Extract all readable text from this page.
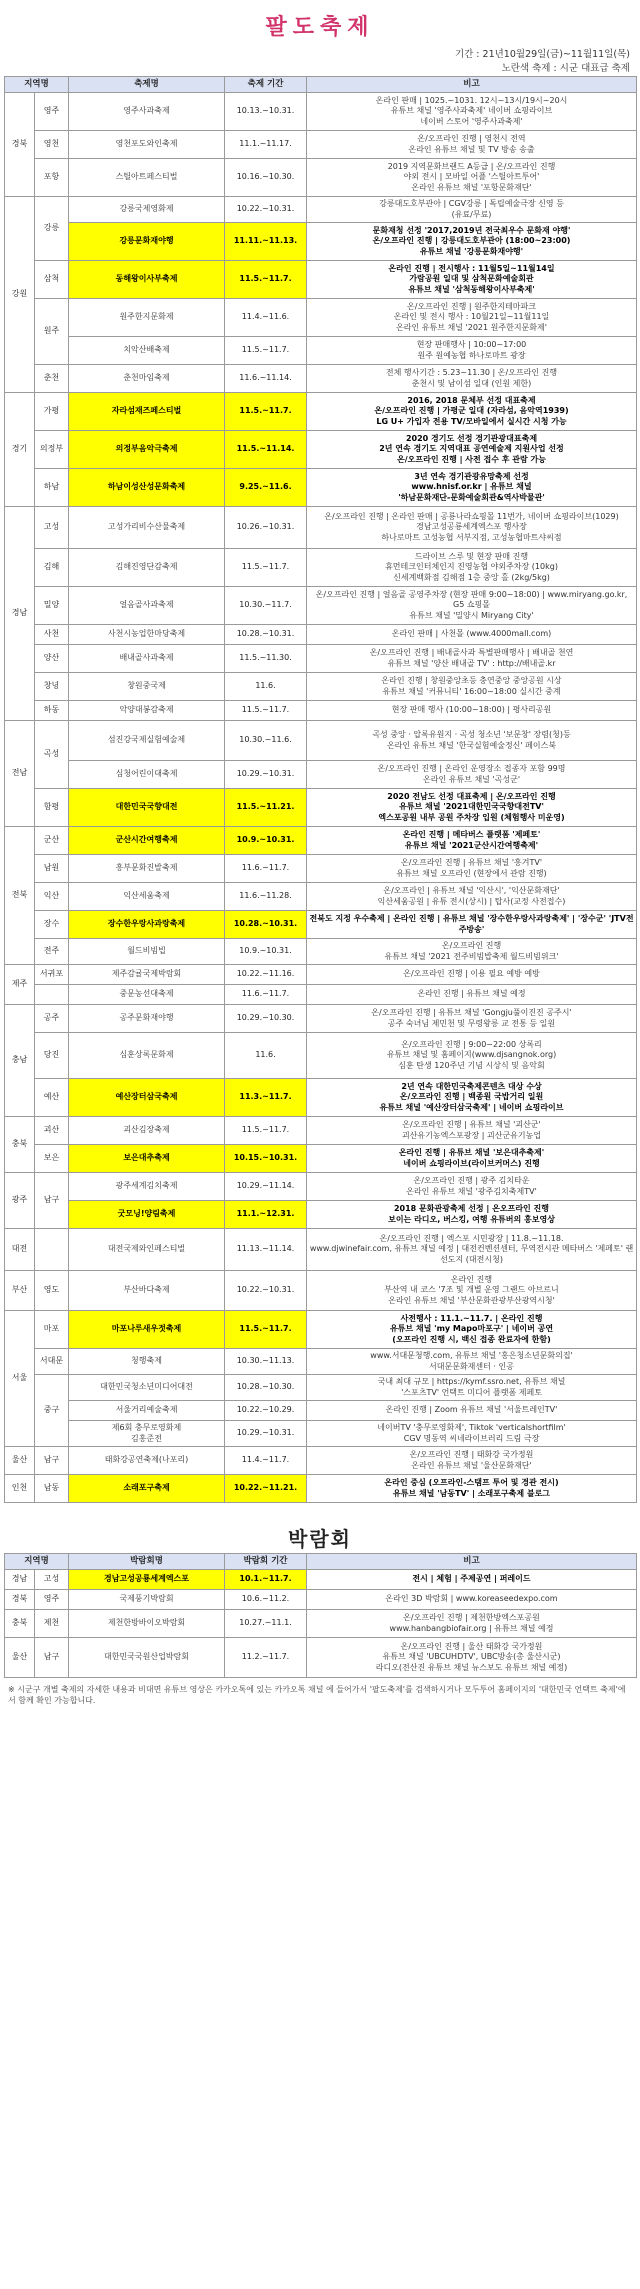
팔도축제
기간 : 21년10월29일(금)~11월11일(목)
노란색 축제 : 시군 대표급 축제
지역명		축제명	축제 기간	비고
경북	영주	영주사과축제	10.13.~10.31.	온라인 판매 | 1025.~1031. 12시~13시/19시~20시
유튜브 채널 '영주사과축제' 네이버 쇼핑라이브
네이버 스토어 '영주사과축제'
	영천	영천포도와인축제	11.1.~11.17.	온/오프라인 진행 | 영천시 전역
온라인 유튜브 채널 및 TV 방송 송출
	포항	스틸아트페스티벌	10.16.~10.30.	2019 지역문화브랜드 A등급 | 온/오프라인 진행
야외 전시 | 모바일 어플 '스틸아트투어'
온라인 유튜브 채널 '포항문화재단'
강원	강릉	강릉국제영화제	10.22.~10.31.	강릉대도호부관아 | CGV강릉 | 독립예술극장 신영 등
(유료/무료)
		강릉문화재야행	11.11.~11.13.	문화재청 선정 '2017,2019년 전국최우수 문화재 야행'
온/오프라인 진행 | 강릉대도호부관아 (18:00~23:00)
유튜브 채널 '강릉문화재야행'
	삼척	동해왕이사부축제	11.5.~11.7.	온라인 진행 | 전시행사 : 11월5일~11월14일
가람공원 일대 및 삼척문화예술회관
유튜브 채널 '삼척동해왕이사부축제'
	원주	원주한지문화제	11.4.~11.6.	온/오프라인 진행 | 원주한지테마파크
온라인 및 전시 행사 : 10월21일~11월11일
온라인 유튜브 채널 '2021 원주한지문화제'
		치악산배축제	11.5.~11.7.	현장 판매행사 | 10:00~17:00
원주 원예농협 하나로마트 광장
	춘천	춘천마임축제	11.6.~11.14.	전체 행사기간 : 5.23~11.30 | 온/오프라인 진행
춘천시 및 남이섬 일대 (인원 제한)
경기	가평	자라섬재즈페스티벌	11.5.~11.7.	2016, 2018 문체부 선정 대표축제
온/오프라인 진행 | 가평군 일대 (자라섬, 음악역1939)
LG U+ 가입자 전용 TV/모바일에서 실시간 시청 가능
	의정부	의정부음악극축제	11.5.~11.14.	2020 경기도 선정 경기관광대표축제
2년 연속 경기도 지역대표 공연예술제 지원사업 선정
온/오프라인 진행 | 사전 접수 후 관람 가능
	하남	하남이성산성문화축제	9.25.~11.6.	3년 연속 경기관광유망축제 선정
www.hnisf.or.kr | 유튜브 채널
'하남문화재단-문화예술회관&역사박물관'
경남	고성	고성가리비수산물축제	10.26.~10.31.	온/오프라인 진행 | 온라인 판매 | 공룡나라쇼핑몰 11번가, 네이버 쇼핑라이브(1029)
경남고성공룡세계엑스포 행사장
하나로마트 고성농협 서부지점, 고성농협마트샤씨점
	김해	김해진영단감축제	11.5.~11.7.	드라이브 스루 및 현장 판매 진행
휴먼테크인터체인지 진영농협 야외주차장 (10kg)
신세계백화점 김해점 1층 중앙 홀 (2kg/5kg)
	밀양	얼음골사과축제	10.30.~11.7.	온/오프라인 진행 | 얼음골 공영주차장 (현장 판매 9:00~18:00) | www.miryang.go.kr, G5 쇼핑몰
유튜브 채널 '밀양시 Miryang City'
	사천	사천시농업한마당축제	10.28.~10.31.	온라인 판매 | 사천몰 (www.4000mall.com)
	양산	배내골사과축제	11.5.~11.30.	온/오프라인 진행 | 배내골사과 특별판매행사 | 배내골 천연
유튜브 채널 '양산 배내골 TV' : http://배내골.kr
	창녕	창원중국제	11.6.	온라인 진행 | 창원중앙초등 충연중앙 중앙공원 시상
유튜브 채널 '커뮤니티' 16:00~18:00 실시간 중계
	하동	악양대봉감축제	11.5.~11.7.	현장 판매 행사 (10:00~18:00) | 평사리공원
전남	곡성	섬진강국제실험예술제	10.30.~11.6.	곡성 중앙 · 압록유원지 · 곡성 청소년 '보문창' 장렴(청)등
온라인 유튜브 채널 '한국실험예술정신' 페이스북
		심청어린이대축제	10.29.~10.31.	온/오프라인 진행 | 온라인 운영장소 접종자 포함 99명
온라인 유튜브 채널 '곡성군'
	함평	대한민국국향대전	11.5.~11.21.	2020 전남도 선정 대표축제 | 온/오프라인 진행
유튜브 채널 '2021대한민국국향대전TV'
엑스포공원 내부 공원 주차장 입원 (체험행사 미운영)
전북	군산	군산시간여행축제	10.9.~10.31.	온라인 진행 | 메타버스 플랫폼 '제페토'
유튜브 채널 '2021군산시간여행축제'
	남원	흥부문화진발축제	11.6.~11.7.	온/오프라인 진행 | 유튜브 채널 '흥겨TV'
유튜브 채널 오프라인 (현장에서 관람 진행)
	익산	익산세움축제	11.6.~11.28.	온/오프라인 | 유튜브 채널 '익산시', '익산문화재단'
익산세움공원 | 유튜 전시(상시) | 탑사(교정 사전접수)
	장수	장수한우랑사과랑축제	10.28.~10.31.	전북도 지정 우수축제 | 온라인 진행 | 유튜브 채널 '장수한우랑사과랑축제' | '장수군' 'JTV전주방송'
	전주	월드비빔빕	10.9.~10.31.	온/오프라인 진행
유튜브 채널 '2021 전주비빔밥축제 월드비빔위크'
제주	서귀포	제주감귤국제박람회	10.22.~11.16.	온/오프라인 진행 | 이용 필요 예방 예방
		중문농선대축제	11.6.~11.7.	온라인 진행 | 유튜브 채널 예정
충남	공주	공주문화재야행	10.29.~10.30.	온/오프라인 진행 | 유튜브 채널 'Gongju풀이진진 공주시'
공주 숙녀님 제민천 및 무령왕릉 교 전통 등 일원
	당진	심훈상록문화제	11.6.	온/오프라인 진행 | 9:00~22:00 상록리
유튜브 채널 및 홈페이지(www.djsangnok.org)
심훈 탄생 120주년 기념 시상식 및 음악회
	예산	예산장터삼국축제	11.3.~11.7.	2년 연속 대한민국축제콘텐츠 대상 수상
온/오프라인 진행 | 백종원 국밥거리 일원
유튜브 채널 '예산장터삼국축제' | 네이버 쇼핑라이브
충북	괴산	괴산김장축제	11.5.~11.7.	온/오프라인 진행 | 유튜브 채널 '괴산군'
괴산유기농엑스포광장 | 괴산군유기농업
	보은	보은대추축제	10.15.~10.31.	온라인 진행 | 유튜브 채널 '보은대추축제'
네이버 쇼핑라이브(라이브커머스) 진행
광주	남구	광주세계김치축제	10.29.~11.14.	온/오프라인 진행 | 광주 김치타운
온라인 유튜브 채널 '광주김치축제TV'
		굿모닝!양림축제	11.1.~12.31.	2018 문화관광축제 선정 | 온오프라인 진행
보이는 라디오, 버스킹, 여행 유튜버의 홍보영상
대전		대전국제와인페스티벌	11.13.~11.14.	온/오프라인 진행 | 엑스포 시민광장 | 11.8.~11.18.
www.djwinefair.com, 유튜브 채널 예정 | 대전컨벤션센터, 무역전시관 메타버스 '제페토' 랜선도지 (대전시청)
부산	영도	부산바다축제	10.22.~10.31.	온라인 진행
부산역 내 코스 '7조 및 개별 운영 그랜드 아브르니
온라인 유튜브 채널 '부산문화관광부산광역시청'
서울	마포	마포나루새우젓축제	11.5.~11.7.	사전행사 : 11.1.~11.7. | 온라인 진행
유튜브 채널 'my Mapo마포구' | 네이버 공연
(오프라인 진행 시, 백신 접종 완료자에 한함)
	서대문	청행축제	10.30.~11.13.	www.서대문청행.com, 유튜브 채널 '홍은청소년문화의집'
서대문문화재센터 · 인공
	중구	대한민국청소년미디어대전	10.28.~10.30.	국내 최대 규모 | https://kymf.ssro.net, 유튜브 채널
'스포츠TV' 언택트 미디어 플랫폼 제페토
		서울거리예술축제	10.22.~10.29.	온라인 진행 | Zoom 유튜브 채널 '서울트레인TV'
		제6회 충무로영화제
김홍준전	10.29.~10.31.	네이버TV '충무로영화제', Tiktok 'verticalshortfilm'
CGV 명동역 씨네라이브러리 드림 극장
울산	남구	태화강공연축제(나포리)	11.4.~11.7.	온/오프라인 진행 | 태화강 국가정원
온라인 유튜브 채널 '울산문화재단'
인천	남동	소래포구축제	10.22.~11.21.	온라인 중심 (오프라인-스탬프 투어 및 경관 전시)
유튜브 채널 '남동TV' | 소래포구축제 블로그
박람회
지역명		박람회명	박람회 기간	비고
경남	고성	경남고성공룡세계엑스포	10.1.~11.7.	전시 | 체험 | 주제공연 | 퍼레이드
경북	영주	국제풍기박람회	10.6.~11.2.	온라인 3D 박람회 | www.koreaseedexpo.com
충북	제천	제천한방바이오박람회	10.27.~11.1.	온/오프라인 진행 | 제천한방엑스포공원
www.hanbangbiofair.org | 유튜브 채널 예정
울산	남구	대한민국국원산업박람회	11.2.~11.7.	온/오프라인 진행 | 울산 태화강 국가정원
유튜브 채널 'UBCUHDTV', UBC방송(총 울산시군)
라디오(전산진 유튜브 채널 뉴스보도 유튜브 채널 예정)
※ 시군구 개별 축제의 자세한 내용과 비대면 유튜브 영상은 카카오톡에 있는 카카오톡 채널 에 들어가서 '팔도축제'를 검색하시거나 모두투어 홈페이지의 '대한민국 언택트 축제'에서 함께 확인 가능합니다.
